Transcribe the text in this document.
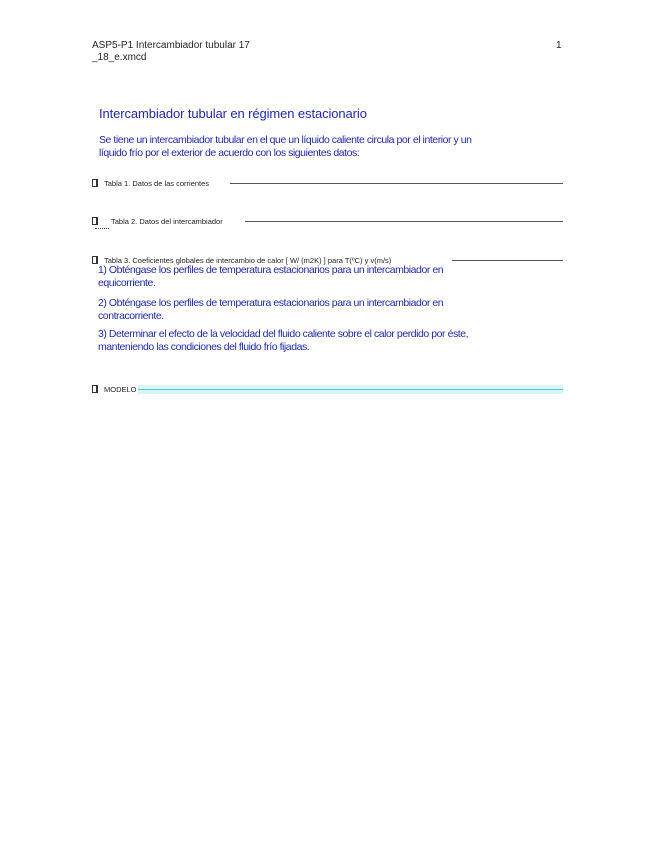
ASP5-P1 Intercambiador tubular 17
_18_e.xmcd
1
Intercambiador tubular en régimen estacionario
Se tiene un intercambiador tubular en el que un líquido caliente circula por el interior y un líquido frío por el exterior de acuerdo con los siguientes datos:
Tabla 1. Datos de las corrientes
Tabla 2. Datos del intercambiador
Tabla 3. Coeficientes globales de intercambio de calor [ W/ (m2K) ] para T(ºC) y v(m/s)
1) Obténgase los perfiles de temperatura estacionarios para un intercambiador en equicorriente.
2) Obténgase los perfiles de temperatura estacionarios para un intercambiador en contracorriente.
3) Determinar el efecto de la velocidad del fluido caliente sobre el calor perdido por éste, manteniendo las condiciones del fluido frío fijadas.
MODELO
